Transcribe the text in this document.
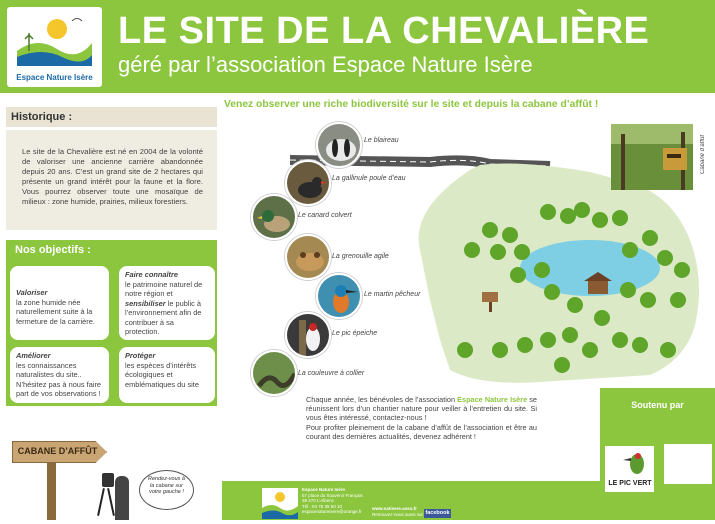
Espace Nature Isère
LE SITE DE LA CHEVALIÈRE
géré par l’association Espace Nature Isère
Historique :
Le site de la Chevalière est né en 2004 de la volonté de valoriser une ancienne carrière abandonnée depuis 20 ans. C’est un grand site de 2 hectares qui présente un grand intérêt pour la faune et la flore. Vous pourrez observer toute une mosaïque de milieux : zone humide, prairies, milieux forestiers.
Nos objectifs :
Valoriser
la zone humide née naturellement suite à la fermeture de la carrière.
Faire connaître
le patrimoine naturel de notre région et sensibiliser le public à l’environnement afin de contribuer à sa protection.
Améliorer
les connaissances naturalistes du site.. N’hésitez pas à nous faire part de vos observations !
Protéger
les espèces d’intérêts écologiques et emblématiques du site
CABANE D’AFFÛT
Rendez-vous à la cabane sur votre gauche !
Venez observer une riche biodiversité sur le site et depuis la cabane d’affût !
Le blaireau
La gallinule poule d’eau
Le canard colvert
La grenouille agile
Le martin pêcheur
Le pic épeiche
La couleuvre à collier
Cabane d’affût

Chaque année, les bénévoles de l’association Espace Nature Isère se réunissent lors d’un chantier nature pour veiller à l’entretien du site. Si vous êtes intéressé, contactez-nous !

Pour profiter pleinement de la cabane d’affût de l’association et être au courant des dernières actualités, devenez adhérent !

Soutenu par
LE PIC VERT
Espace Nature Isère
57 place du Souvenir Français
38 470 L’Albenc
Tél : 04 76 36 50 10
espacenatureisere@orange.fr
www.natisere.asso.fr
Retrouvez-nous aussi sur facebook
